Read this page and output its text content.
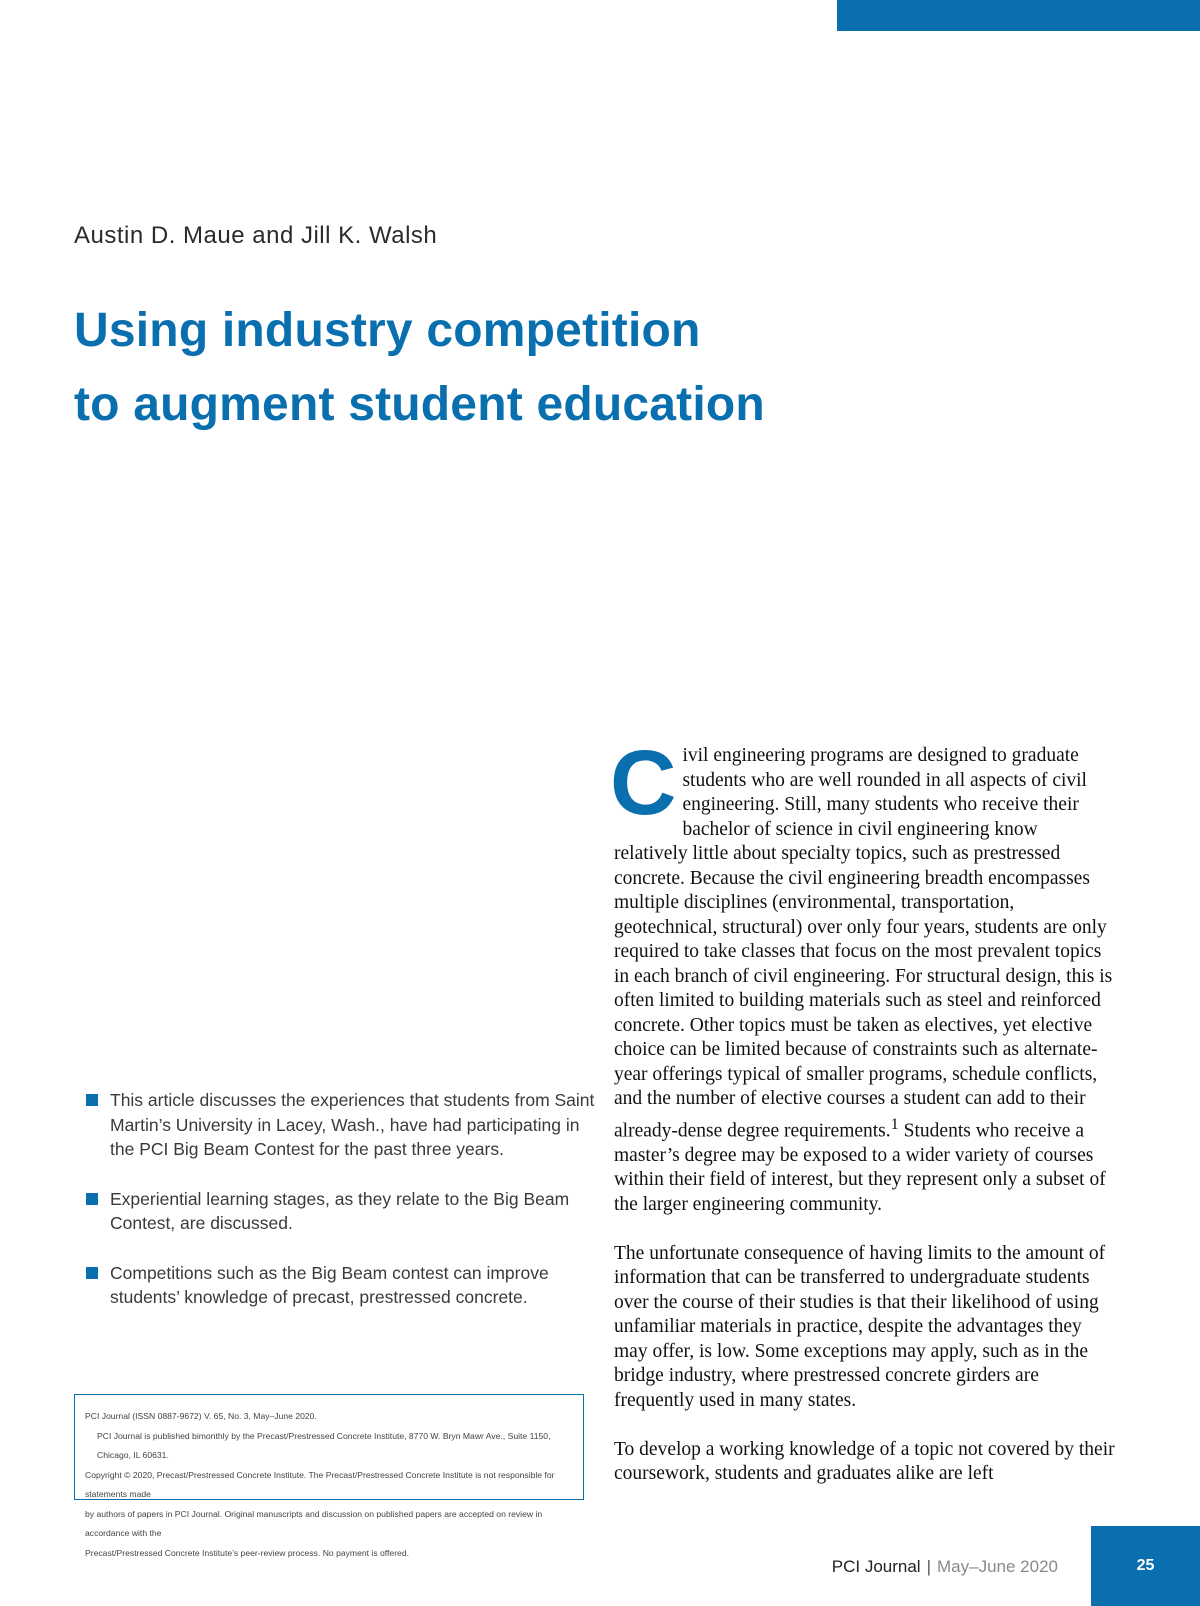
Austin D. Maue and Jill K. Walsh
Using industry competition
to augment student education
This article discusses the experiences that students from Saint Martin’s University in Lacey, Wash., have had participating in the PCI Big Beam Contest for the past three years.
Experiential learning stages, as they relate to the Big Beam Contest, are discussed.
Competitions such as the Big Beam contest can improve students’ knowledge of precast, prestressed concrete.

PCI Journal (ISSN 0887-9672) V. 65, No. 3, May–June 2020.

PCI Journal is published bimonthly by the Precast/Prestressed Concrete Institute, 8770 W. Bryn Mawr Ave., Suite 1150, Chicago, IL 60631.

Copyright © 2020, Precast/Prestressed Concrete Institute. The Precast/Prestressed Concrete Institute is not responsible for statements made

by authors of papers in PCI Journal. Original manuscripts and discussion on published papers are accepted on review in accordance with the

Precast/Prestressed Concrete Institute’s peer-review process. No payment is offered.

Civil engineering programs are designed to graduate students who are well rounded in all aspects of civil engineering. Still, many students who receive their bachelor of science in civil engineering know relatively little about specialty topics, such as prestressed concrete. Because the civil engineering breadth encompasses multiple disciplines (environmental, transportation, geotechnical, structural) over only four years, students are only required to take classes that focus on the most prevalent topics in each branch of civil engineering. For structural design, this is often limited to building materials such as steel and reinforced concrete. Other topics must be taken as electives, yet elective choice can be limited because of constraints such as alternate-year offerings typical of smaller programs, schedule conflicts, and the number of elective courses a student can add to their already-dense degree requirements.$^1$ Students who receive a master’s degree may be exposed to a wider variety of courses within their field of interest, but they represent only a subset of the larger engineering community.

The unfortunate consequence of having limits to the amount of information that can be transferred to undergraduate students over the course of their studies is that their likelihood of using unfamiliar materials in practice, despite the advantages they may offer, is low. Some exceptions may apply, such as in the bridge industry, where prestressed concrete girders are frequently used in many states.

To develop a working knowledge of a topic not covered by their coursework, students and graduates alike are left

PCI Journal | May–June 2020	25
